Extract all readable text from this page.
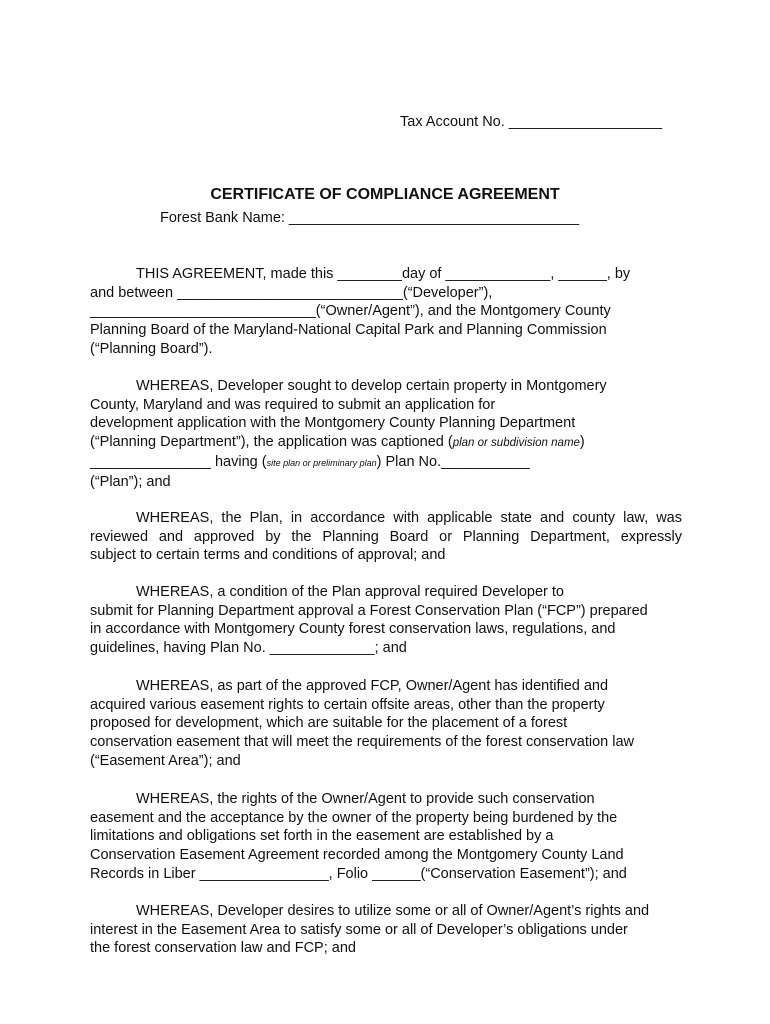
Tax Account No. ___________________
CERTIFICATE OF COMPLIANCE AGREEMENT
Forest Bank Name: ____________________________________
THIS AGREEMENT, made this ________day of _____________, ______, by
and between ____________________________(“Developer”),
____________________________(“Owner/Agent”), and the Montgomery County
Planning Board of the Maryland-National Capital Park and Planning Commission
(“Planning Board”).
WHEREAS, Developer sought to develop certain property in Montgomery
County, Maryland and was required to submit an application for
development application with the Montgomery County Planning Department
(“Planning Department”), the application was captioned (plan or subdivision name)
_______________ having (site plan or preliminary plan) Plan No.___________
(“Plan”); and
WHEREAS, the Plan, in accordance with applicable state and county law, was
reviewed and approved by the Planning Board or Planning Department, expressly
subject to certain terms and conditions of approval; and
WHEREAS, a condition of the Plan approval required Developer to
submit for Planning Department approval a Forest Conservation Plan (“FCP”) prepared
in accordance with Montgomery County forest conservation laws, regulations, and
guidelines, having Plan No. _____________; and
WHEREAS, as part of the approved FCP, Owner/Agent has identified and
acquired various easement rights to certain offsite areas, other than the property
proposed for development, which are suitable for the placement of a forest
conservation easement that will meet the requirements of the forest conservation law
(“Easement Area”); and
WHEREAS, the rights of the Owner/Agent to provide such conservation
easement and the acceptance by the owner of the property being burdened by the
limitations and obligations set forth in the easement are established by a
Conservation Easement Agreement recorded among the Montgomery County Land
Records in Liber ________________, Folio ______(“Conservation Easement”); and
WHEREAS, Developer desires to utilize some or all of Owner/Agent’s rights and
interest in the Easement Area to satisfy some or all of Developer’s obligations under
the forest conservation law and FCP; and
